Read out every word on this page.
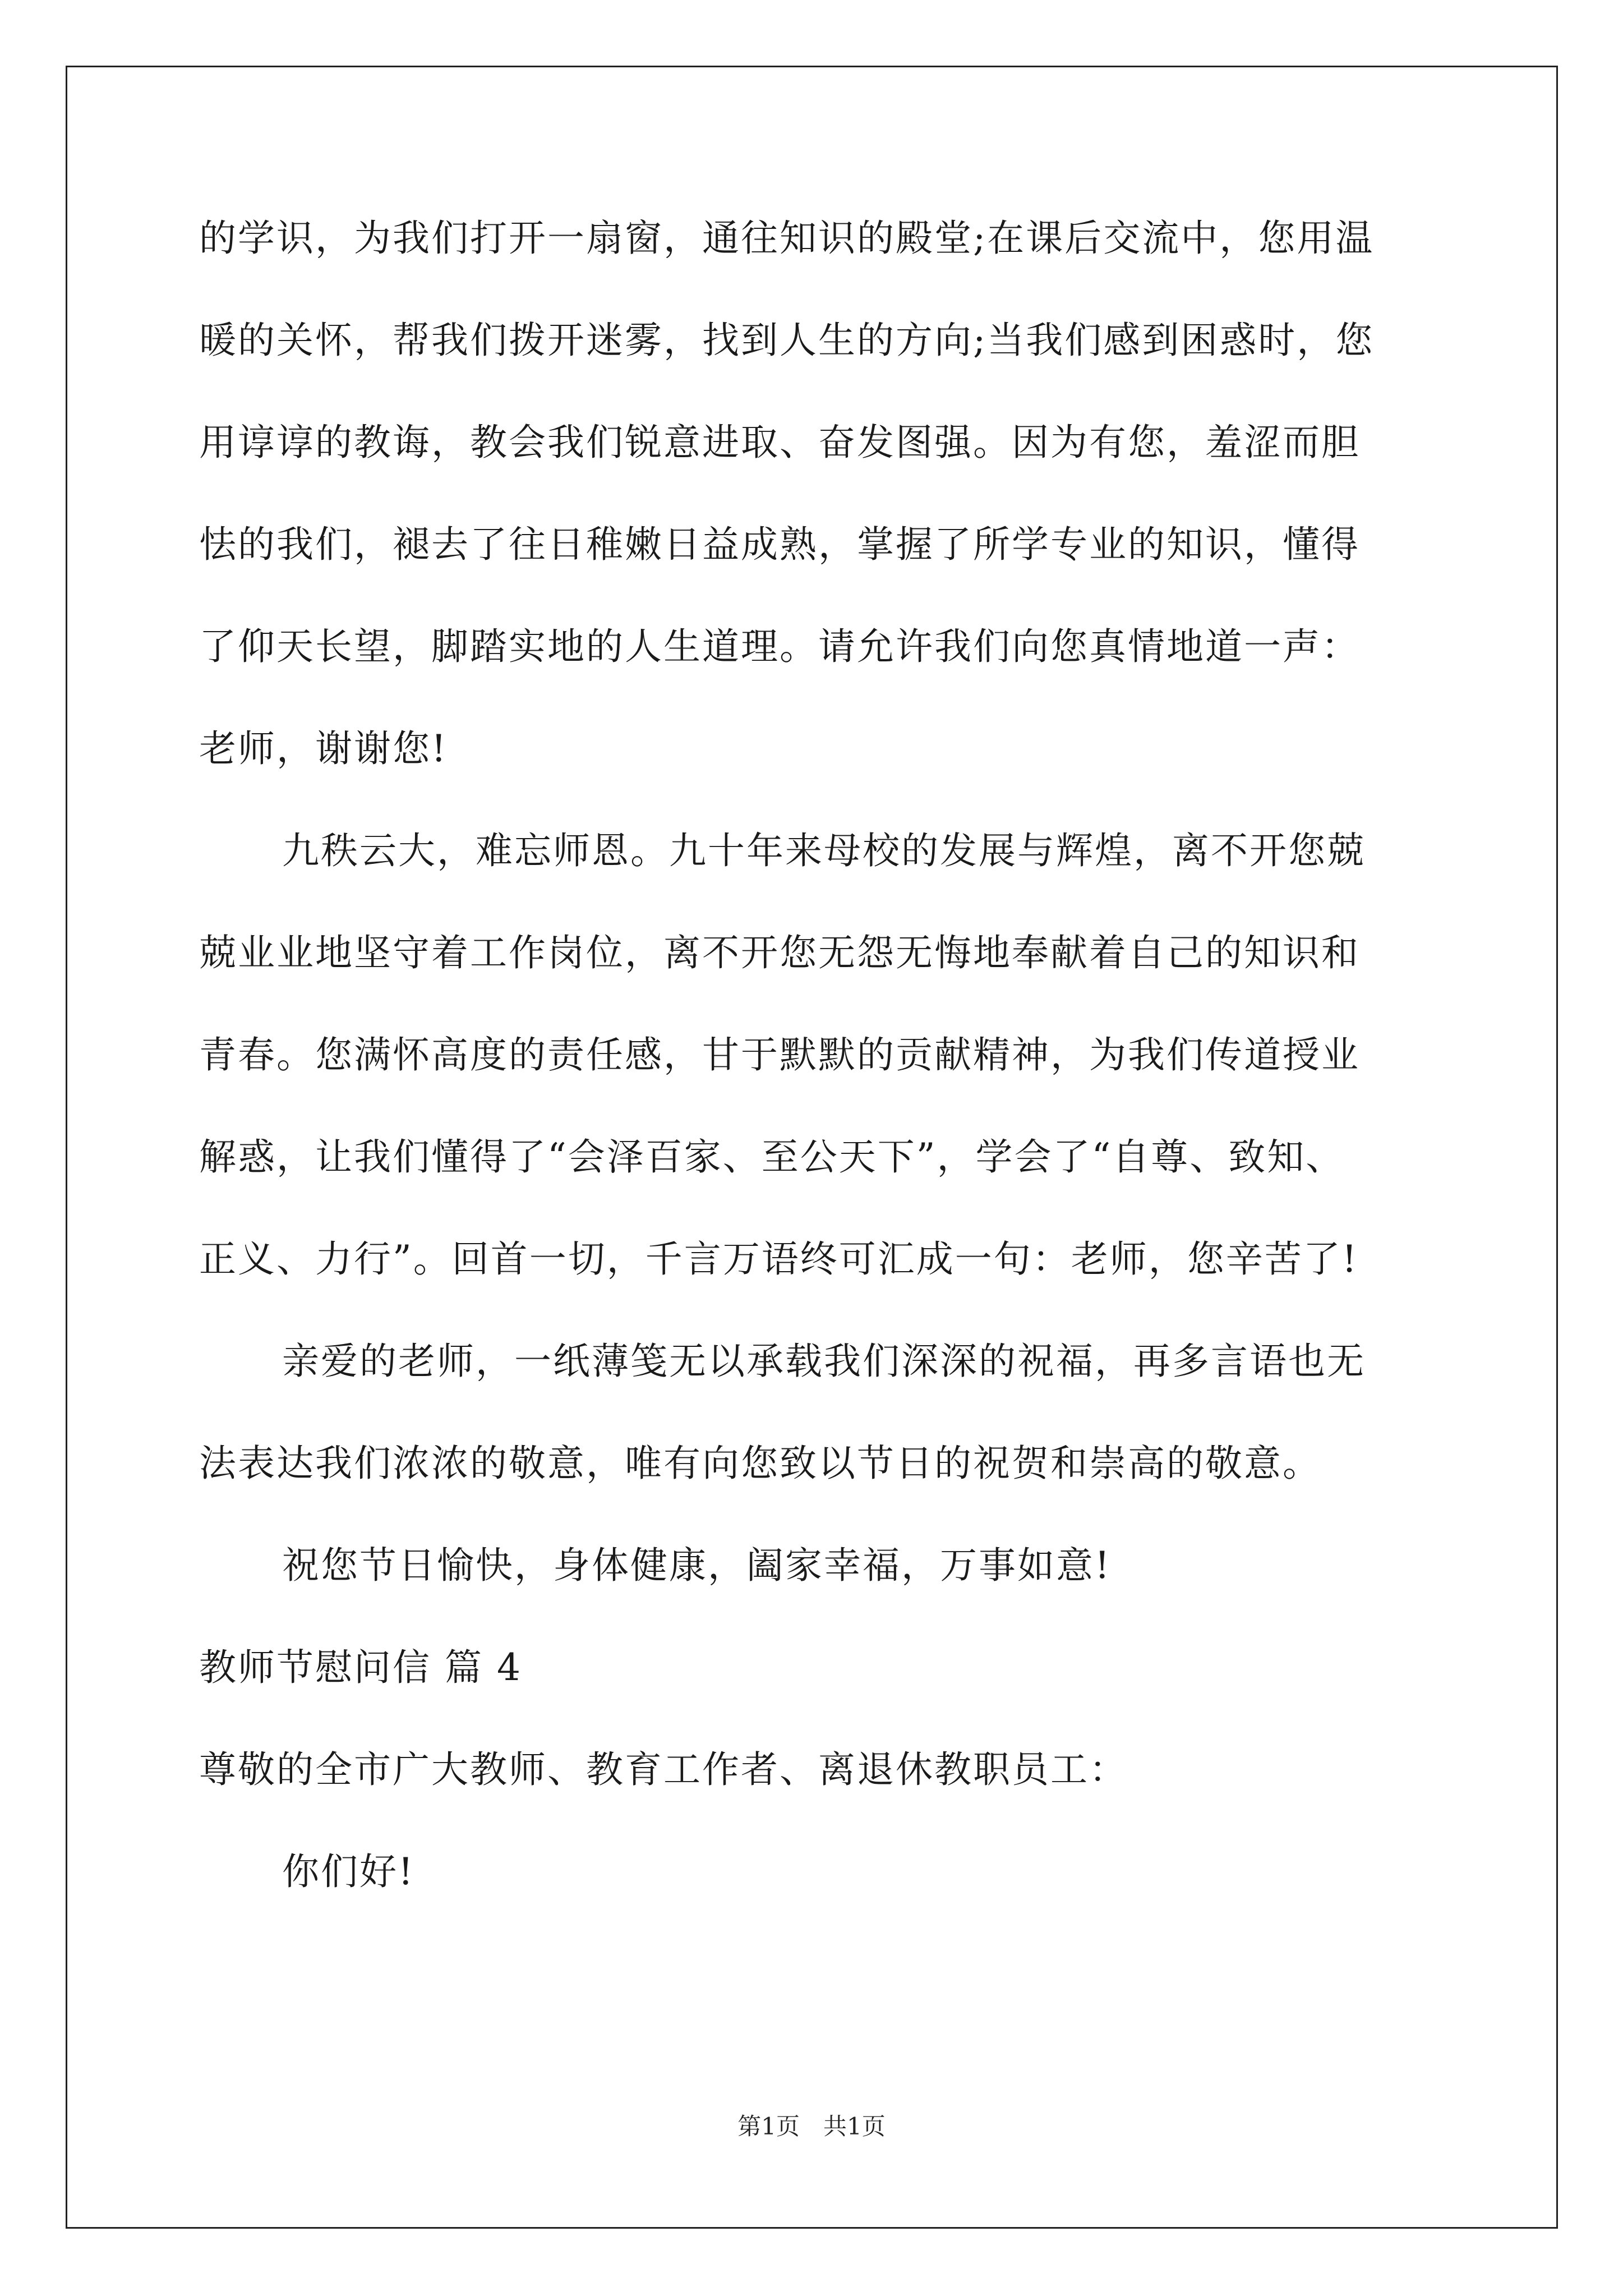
的学识，为我们打开一扇窗，通往知识的殿堂;在课后交流中，您用温
暖的关怀，帮我们拨开迷雾，找到人生的方向;当我们感到困惑时，您
用谆谆的教诲，教会我们锐意进取、奋发图强。因为有您，羞涩而胆
怯的我们，褪去了往日稚嫩日益成熟，掌握了所学专业的知识，懂得
了仰天长望，脚踏实地的人生道理。请允许我们向您真情地道一声：
老师，谢谢您!
九秩云大，难忘师恩。九十年来母校的发展与辉煌，离不开您兢
兢业业地坚守着工作岗位，离不开您无怨无悔地奉献着自己的知识和
青春。您满怀高度的责任感，甘于默默的贡献精神，为我们传道授业
解惑，让我们懂得了“会泽百家、至公天下”，学会了“自尊、致知、
正义、力行”。回首一切，千言万语终可汇成一句：老师，您辛苦了!
亲爱的老师，一纸薄笺无以承载我们深深的祝福，再多言语也无
法表达我们浓浓的敬意，唯有向您致以节日的祝贺和崇高的敬意。
祝您节日愉快，身体健康，阖家幸福，万事如意!
教师节慰问信 篇 4
尊敬的全市广大教师、教育工作者、离退休教职员工：
你们好!
第1页　共1页
